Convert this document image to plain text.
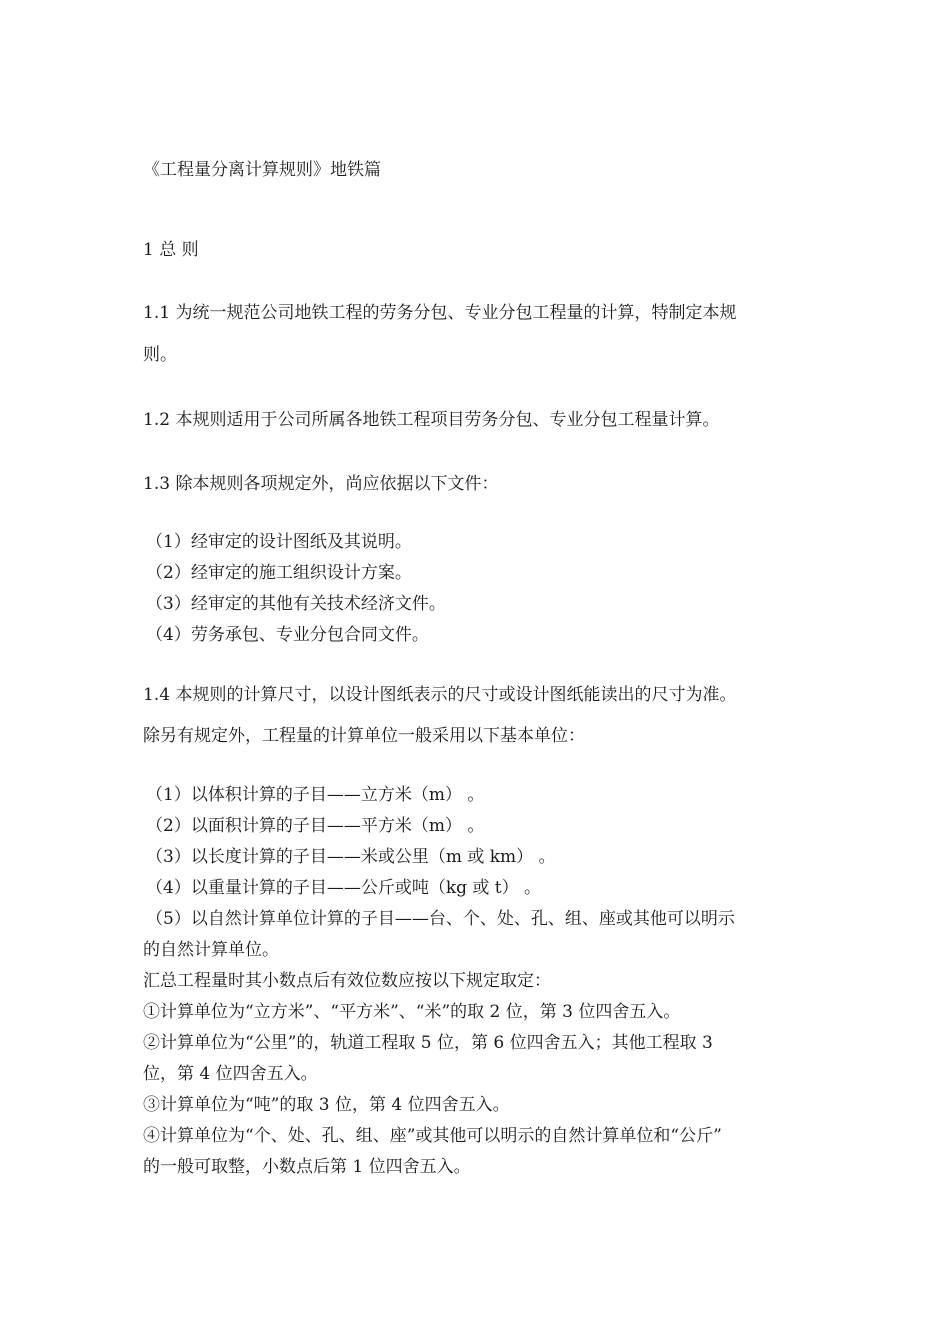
《工程量分离计算规则》地铁篇
1 总 则
1.1 为统一规范公司地铁工程的劳务分包、专业分包工程量的计算，特制定本规
则。
1.2 本规则适用于公司所属各地铁工程项目劳务分包、专业分包工程量计算。
1.3 除本规则各项规定外，尚应依据以下文件：
（1）经审定的设计图纸及其说明。
（2）经审定的施工组织设计方案。
（3）经审定的其他有关技术经济文件。
（4）劳务承包、专业分包合同文件。
1.4 本规则的计算尺寸，以设计图纸表示的尺寸或设计图纸能读出的尺寸为准。
除另有规定外，工程量的计算单位一般采用以下基本单位：
（1）以体积计算的子目——立方米（m） 。
（2）以面积计算的子目——平方米（m） 。
（3）以长度计算的子目——米或公里（m 或 km） 。
（4）以重量计算的子目——公斤或吨（kg 或 t） 。
（5）以自然计算单位计算的子目——台、个、处、孔、组、座或其他可以明示
的自然计算单位。
汇总工程量时其小数点后有效位数应按以下规定取定：
①计算单位为“立方米”、“平方米”、“米”的取 2 位，第 3 位四舍五入。
②计算单位为“公里”的，轨道工程取 5 位，第 6 位四舍五入；其他工程取 3
位，第 4 位四舍五入。
③计算单位为“吨”的取 3 位，第 4 位四舍五入。
④计算单位为“个、处、孔、组、座”或其他可以明示的自然计算单位和“公斤”
的一般可取整，小数点后第 1 位四舍五入。
